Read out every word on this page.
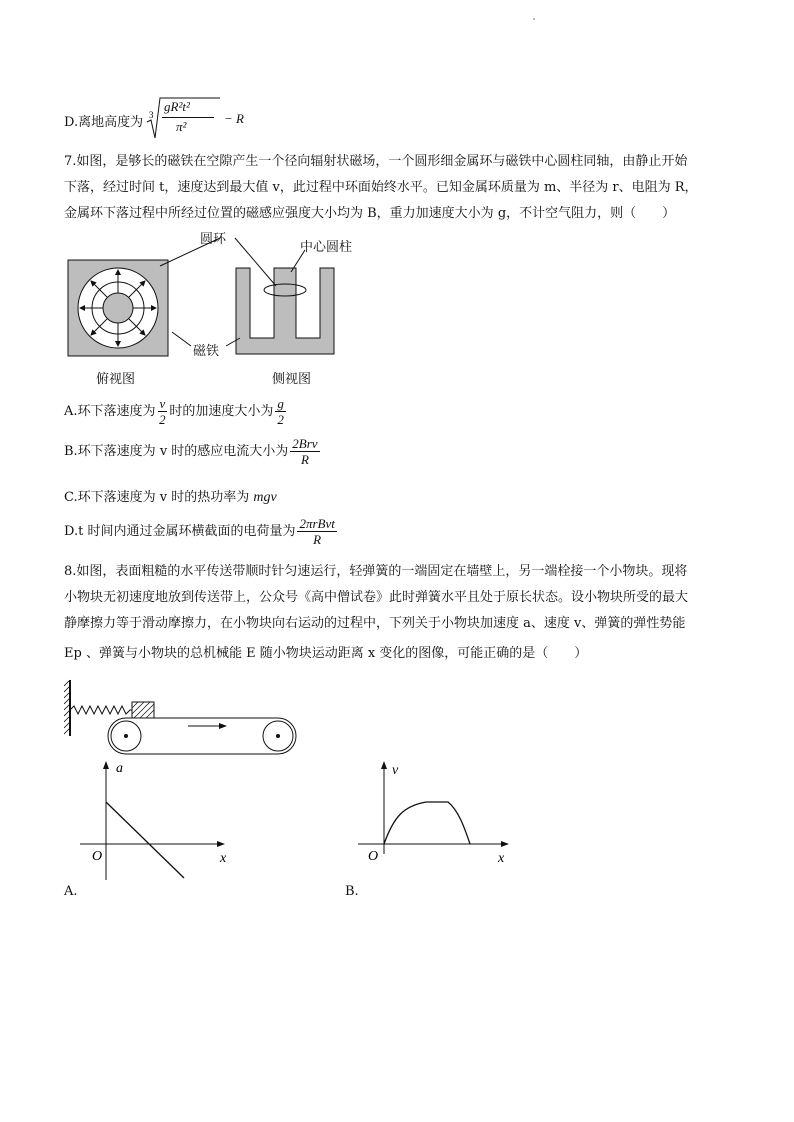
D.离地高度为 3
gR²t²
π²
− R
7.如图，是够长的磁铁在空隙产生一个径向辐射状磁场，一个圆形细金属环与磁铁中心圆柱同轴，由静止开始
下落，经过时间 t，速度达到最大值 v，此过程中环面始终水平。已知金属环质量为 m、半径为 r、电阻为 R，
金属环下落过程中所经过位置的磁感应强度大小均为 B，重力加速度大小为 g，不计空气阻力，则（　　）
圆环
中心圆柱
磁铁
俯视图	侧视图
A.环下落速度为 $\frac{v}{2}$ 时的加速度大小为 $\frac{g}{2}$
B.环下落速度为 v 时的感应电流大小为 $\frac{\text{2Brv}}{R}$
C.环下落速度为 v 时的热功率为 mgv
D.t 时间内通过金属环横截面的电荷量为 $\frac{\text{2πrBvt}}{R}$
8.如图，表面粗糙的水平传送带顺时针匀速运行，轻弹簧的一端固定在墙壁上，另一端栓接一个小物块。现将
小物块无初速度地放到传送带上，公众号《高中僧试卷》此时弹簧水平且处于原长状态。设小物块所受的最大
静摩擦力等于滑动摩擦力，在小物块向右运动的过程中，下列关于小物块加速度 a、速度 v、弹簧的弹性势能
Ep 、弹簧与小物块的总机械能 E 随小物块运动距离 x 变化的图像，可能正确的是（　　）
a
x
O
A.
v
x
O
B.
